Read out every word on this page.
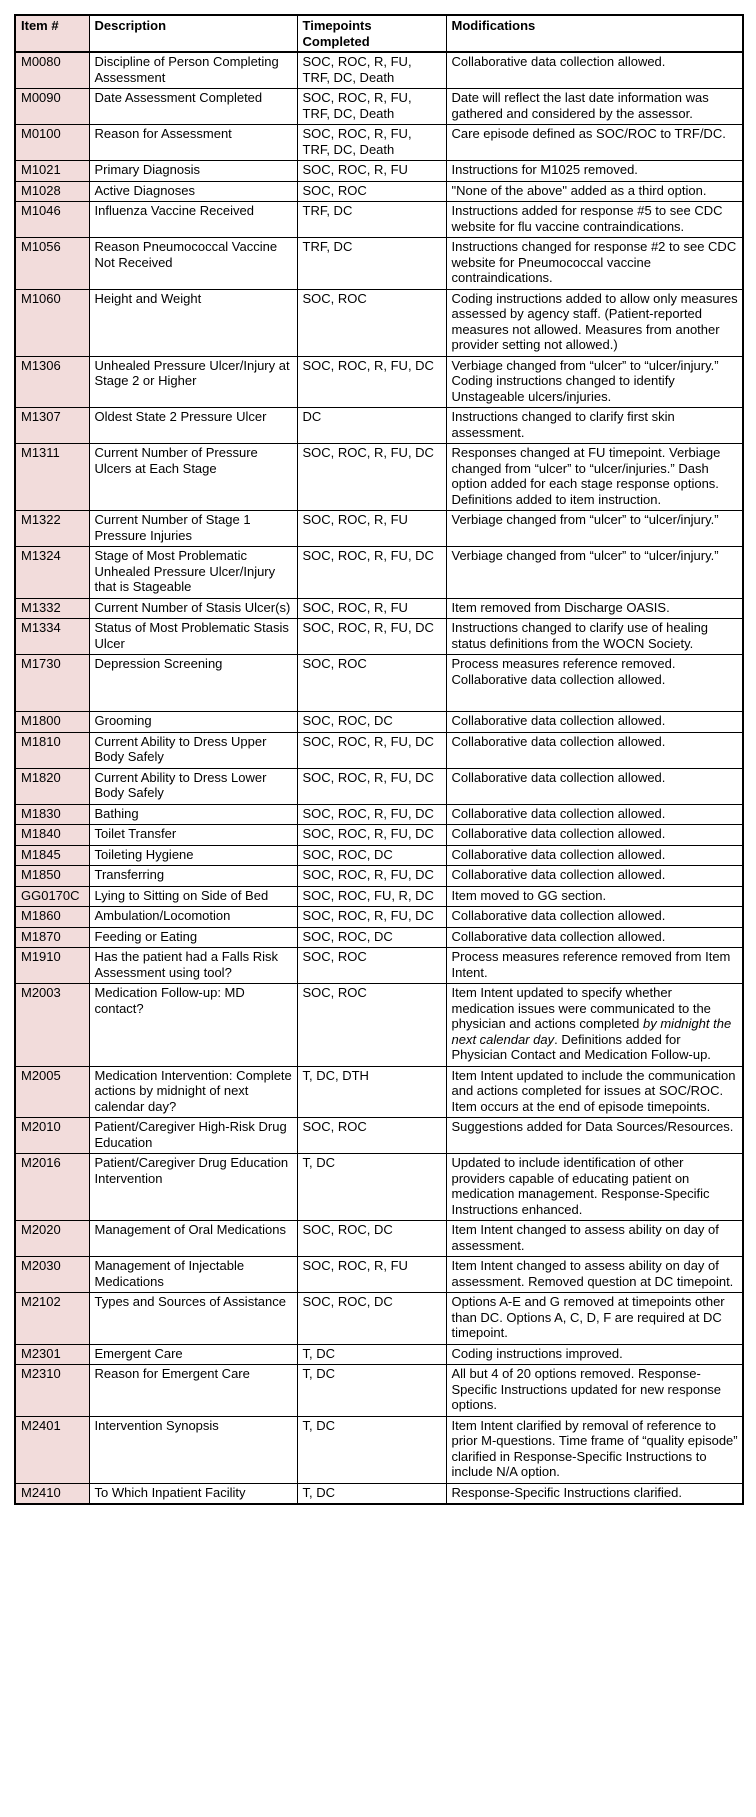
Item #	Description	Timepoints Completed	Modifications
M0080	Discipline of Person Completing Assessment	SOC, ROC, R, FU, TRF, DC, Death	Collaborative data collection allowed.
M0090	Date Assessment Completed	SOC, ROC, R, FU, TRF, DC, Death	Date will reflect the last date information was gathered and considered by the assessor.
M0100	Reason for Assessment	SOC, ROC, R, FU, TRF, DC, Death	Care episode defined as SOC/ROC to TRF/DC.
M1021	Primary Diagnosis	SOC, ROC, R, FU	Instructions for M1025 removed.
M1028	Active Diagnoses	SOC, ROC	"None of the above" added as a third option.
M1046	Influenza Vaccine Received	TRF, DC	Instructions added for response #5 to see CDC website for flu vaccine contraindications.
M1056	Reason Pneumococcal Vaccine Not Received	TRF, DC	Instructions changed for response #2 to see CDC website for Pneumococcal vaccine contraindications.
M1060	Height and Weight	SOC, ROC	Coding instructions added to allow only measures assessed by agency staff. (Patient-reported measures not allowed. Measures from another provider setting not allowed.)
M1306	Unhealed Pressure Ulcer/Injury at Stage 2 or Higher	SOC, ROC, R, FU, DC	Verbiage changed from “ulcer” to “ulcer/injury.” Coding instructions changed to identify Unstageable ulcers/injuries.
M1307	Oldest State 2 Pressure Ulcer	DC	Instructions changed to clarify first skin assessment.
M1311	Current Number of Pressure Ulcers at Each Stage	SOC, ROC, R, FU, DC	Responses changed at FU timepoint. Verbiage changed from “ulcer” to “ulcer/injuries.” Dash option added for each stage response options. Definitions added to item instruction.
M1322	Current Number of Stage 1 Pressure Injuries	SOC, ROC, R, FU	Verbiage changed from “ulcer” to “ulcer/injury.”
M1324	Stage of Most Problematic Unhealed Pressure Ulcer/Injury that is Stageable	SOC, ROC, R, FU, DC	Verbiage changed from “ulcer” to “ulcer/injury.”
M1332	Current Number of Stasis Ulcer(s)	SOC, ROC, R, FU	Item removed from Discharge OASIS.
M1334	Status of Most Problematic Stasis Ulcer	SOC, ROC, R, FU, DC	Instructions changed to clarify use of healing status definitions from the WOCN Society.
M1730	Depression Screening	SOC, ROC	Process measures reference removed. Collaborative data collection allowed.
M1800	Grooming	SOC, ROC, DC	Collaborative data collection allowed.
M1810	Current Ability to Dress Upper Body Safely	SOC, ROC, R, FU, DC	Collaborative data collection allowed.
M1820	Current Ability to Dress Lower Body Safely	SOC, ROC, R, FU, DC	Collaborative data collection allowed.
M1830	Bathing	SOC, ROC, R, FU, DC	Collaborative data collection allowed.
M1840	Toilet Transfer	SOC, ROC, R, FU, DC	Collaborative data collection allowed.
M1845	Toileting Hygiene	SOC, ROC, DC	Collaborative data collection allowed.
M1850	Transferring	SOC, ROC, R, FU, DC	Collaborative data collection allowed.
GG0170C	Lying to Sitting on Side of Bed	SOC, ROC, FU, R, DC	Item moved to GG section.
M1860	Ambulation/Locomotion	SOC, ROC, R, FU, DC	Collaborative data collection allowed.
M1870	Feeding or Eating	SOC, ROC, DC	Collaborative data collection allowed.
M1910	Has the patient had a Falls Risk Assessment using tool?	SOC, ROC	Process measures reference removed from Item Intent.
M2003	Medication Follow-up: MD contact?	SOC, ROC	Item Intent updated to specify whether medication issues were communicated to the physician and actions completed by midnight the next calendar day. Definitions added for Physician Contact and Medication Follow-up.
M2005	Medication Intervention: Complete actions by midnight of next calendar day?	T, DC, DTH	Item Intent updated to include the communication and actions completed for issues at SOC/ROC. Item occurs at the end of episode timepoints.
M2010	Patient/Caregiver High-Risk Drug Education	SOC, ROC	Suggestions added for Data Sources/Resources.
M2016	Patient/Caregiver Drug Education Intervention	T, DC	Updated to include identification of other providers capable of educating patient on medication management. Response-Specific Instructions enhanced.
M2020	Management of Oral Medications	SOC, ROC, DC	Item Intent changed to assess ability on day of assessment.
M2030	Management of Injectable Medications	SOC, ROC, R, FU	Item Intent changed to assess ability on day of assessment. Removed question at DC timepoint.
M2102	Types and Sources of Assistance	SOC, ROC, DC	Options A-E and G removed at timepoints other than DC. Options A, C, D, F are required at DC timepoint.
M2301	Emergent Care	T, DC	Coding instructions improved.
M2310	Reason for Emergent Care	T, DC	All but 4 of 20 options removed. Response-Specific Instructions updated for new response options.
M2401	Intervention Synopsis	T, DC	Item Intent clarified by removal of reference to prior M-questions. Time frame of “quality episode” clarified in Response-Specific Instructions to include N/A option.
M2410	To Which Inpatient Facility	T, DC	Response-Specific Instructions clarified.
